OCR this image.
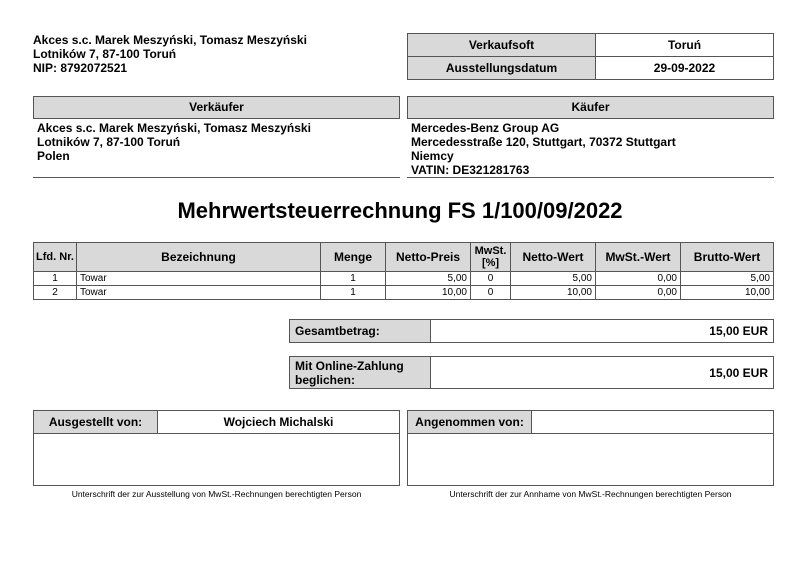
Akces s.c. Marek Meszyński, Tomasz Meszyński
Lotników 7, 87-100 Toruń
NIP: 8792072521
Verkaufsoft	Toruń
Ausstellungsdatum	29-09-2022
Verkäufer
Akces s.c. Marek Meszyński, Tomasz Meszyński
Lotników 7, 87-100 Toruń
Polen
Käufer
Mercedes-Benz Group AG
Mercedesstraße 120, Stuttgart, 70372 Stuttgart
Niemcy
VATIN: DE321281763
Mehrwertsteuerrechnung FS 1/100/09/2022
Lfd. Nr.	Bezeichnung	Menge	Netto-Preis	MwSt. [%]	Netto-Wert	MwSt.-Wert	Brutto-Wert
1	Towar	1	5,00	0	5,00	0,00	5,00
2	Towar	1	10,00	0	10,00	0,00	10,00
Gesamtbetrag:	15,00 EUR
Mit Online-Zahlung
beglichen:	15,00 EUR
Ausgestellt von:	Wojciech Michalski

Unterschrift der zur Ausstellung von MwSt.-Rechnungen berechtigten Person
Angenommen von:	

Unterschrift der zur Annhame von MwSt.-Rechnungen berechtigten Person
